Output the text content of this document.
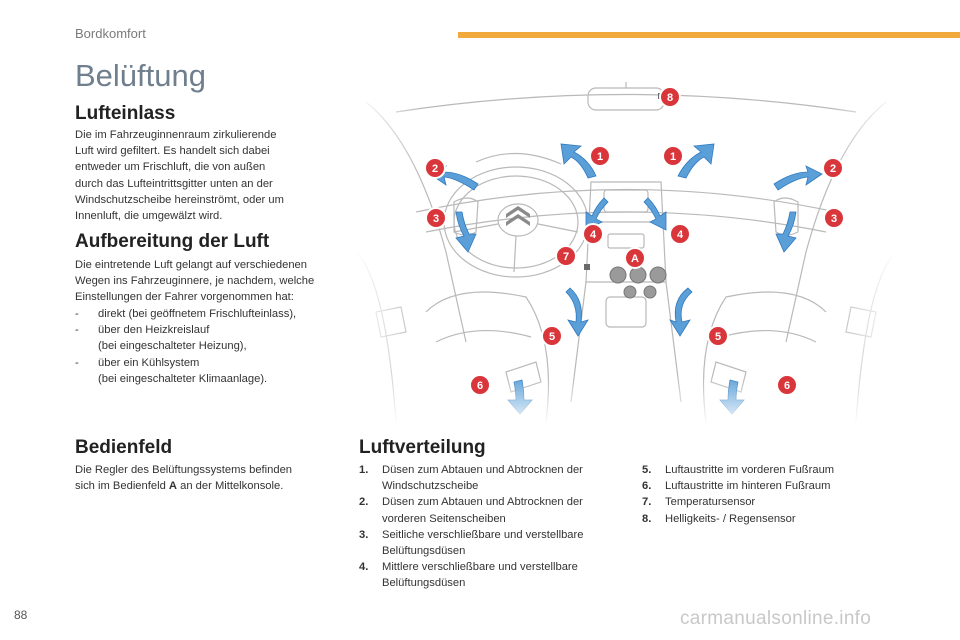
Bordkomfort
Belüftung
Lufteinlass
Die im Fahrzeuginnenraum zirkulierende
Luft wird gefiltert. Es handelt sich dabei
entweder um Frischluft, die von außen
durch das Lufteintrittsgitter unten an der
Windschutzscheibe hereinströmt, oder um
Innenluft, die umgewälzt wird.
Aufbereitung der Luft
Die eintretende Luft gelangt auf verschiedenen
Wegen ins Fahrzeuginnere, je nachdem, welche
Einstellungen der Fahrer vorgenommen hat:
-	direkt (bei geöffnetem Frischlufteinlass),
-	über den Heizkreislauf
(bei eingeschalteter Heizung),
-	über ein Kühlsystem
(bei eingeschalteter Klimaanlage).
Bedienfeld
Die Regler des Belüftungssystems befinden
sich im Bedienfeld A an der Mittelkonsole.
Luftverteilung
1.	Düsen zum Abtauen und Abtrocknen der
Windschutzscheibe
2.	Düsen zum Abtauen und Abtrocknen der
vorderen Seitenscheiben
3.	Seitliche verschließbare und verstellbare
Belüftungsdüsen
4.	Mittlere verschließbare und verstellbare
Belüftungsdüsen
5.	Luftaustritte im vorderen Fußraum
6.	Luftaustritte im hinteren Fußraum
7.	Temperatursensor
8.	Helligkeits- / Regensensor
1	1
2	2
3	3
4	4
5	5
6	6
7
8
A
88	carmanualsonline.info
